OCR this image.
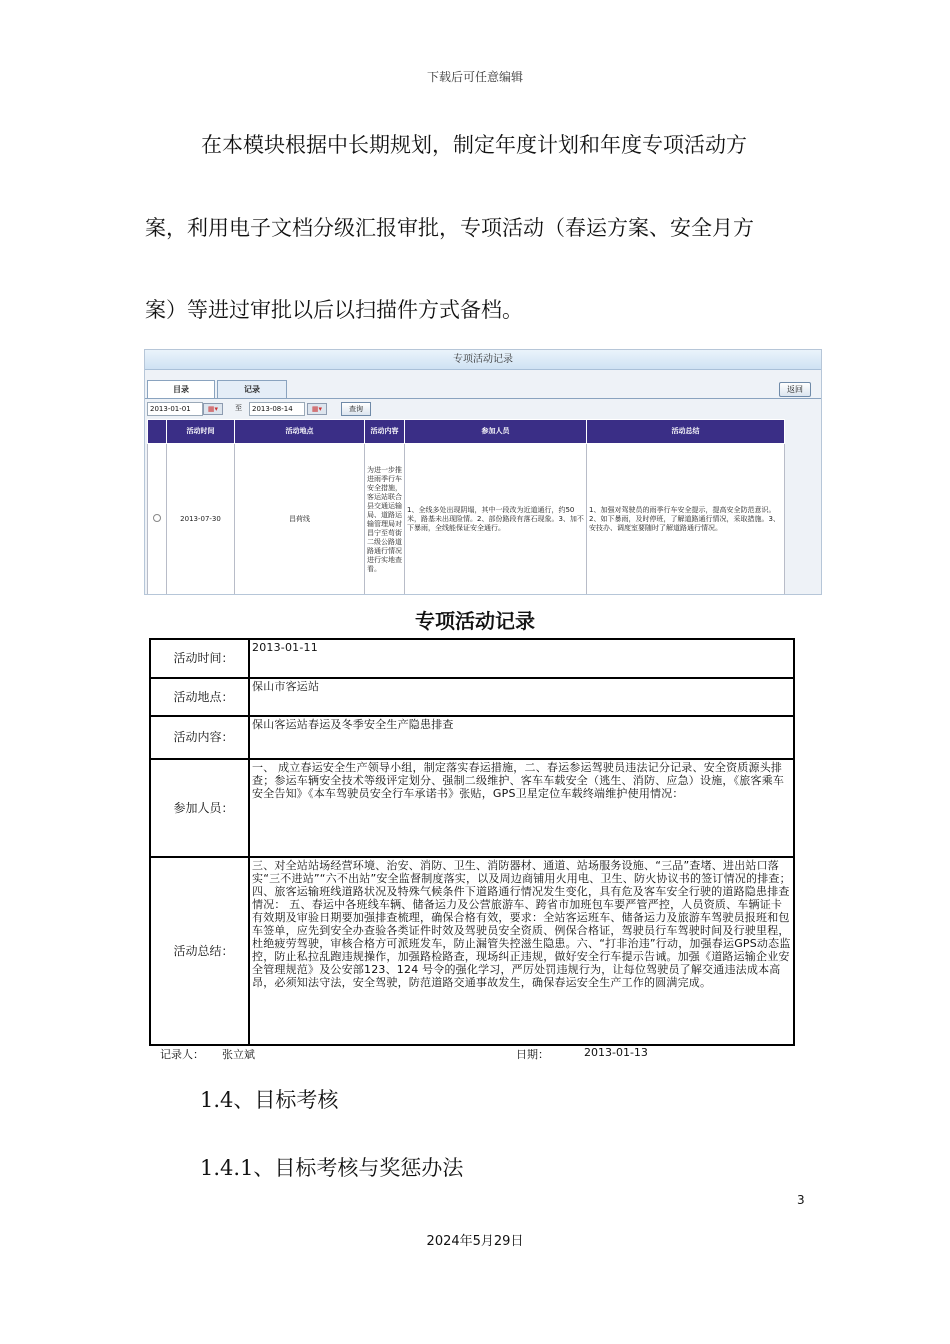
下载后可任意编辑
在本模块根据中长期规划，制定年度计划和年度专项活动方
案，利用电子文档分级汇报审批，专项活动（春运方案、安全月方
案）等进过审批以后以扫描件方式备档。
专项活动记录
目录	记录	返回
2013-01-01	▦▾	至	2013-08-14	▦▾	查询
	活动时间	活动地点	活动内容	参加人员	活动总结
	2013-07-30	昌荷线	为进一步推进雨季行车安全措施，客运站联合县交通运输局、道路运输管理局对昌宁至苟街二级公路道路通行情况进行实地查看。	1、全线多处出现阴塌，其中一段改为近道通行，约50米，路基未出现险情。2、部份路段有落石现象。3、加不下暴雨，全线能保证安全通行。	1、加强对驾驶员的雨季行车安全提示，提高安全防范意识。2、如下暴雨，及时停班，了解道路通行情况，采取措施。3、安技办、调度室要随时了解道路通行情况。
专项活动记录
活动时间：	2013-01-11
活动地点：	保山市客运站
活动内容：	保山客运站春运及冬季安全生产隐患排查
参加人员：	一、 成立春运安全生产领导小组，制定落实春运措施，二、春运参运驾驶员违法记分记录、安全资质源头排查；参运车辆安全技术等级评定划分、强制二级维护、客车车载安全（逃生、消防、应急）设施，《旅客乘车安全告知》《本车驾驶员安全行车承诺书》张贴，GPS卫星定位车载终端维护使用情况：
活动总结：	三、对全站站场经营环境、治安、消防、卫生、消防器材、通道、站场服务设施、“三品”查堵、进出站口落实“三不进站”“六不出站”安全监督制度落实，以及周边商铺用火用电、卫生、防火协议书的签订情况的排查；四、旅客运输班线道路状况及特殊气候条件下道路通行情况发生变化，具有危及客车安全行驶的道路隐患排查情况： 五、春运中各班线车辆、储备运力及公营旅游车、跨省市加班包车要严管严控，人员资质、车辆证卡有效期及审验日期要加强排查梳理，确保合格有效，要求：全站客运班车、储备运力及旅游车驾驶员报班和包车签单，应先到安全办查验各类证件时效及驾驶员安全资质、例保合格证，驾驶员行车驾驶时间及行驶里程，杜绝疲劳驾驶，审核合格方可派班发车，防止漏管失控滋生隐患。六、“打非治违”行动，加强春运GPS动态监控，防止私拉乱跑违规操作，加强路检路查，现场纠正违规，做好安全行车提示告诫。加强《道路运输企业安全管理规范》及公安部123、124 号令的强化学习，严厉处罚违规行为，让每位驾驶员了解交通违法成本高昂，必须知法守法，安全驾驶，防范道路交通事故发生，确保春运安全生产工作的圆满完成。
记录人： 张立斌	日期：	2013-01-13
1.4、目标考核
1.4.1、目标考核与奖惩办法
3
2024年5月29日
